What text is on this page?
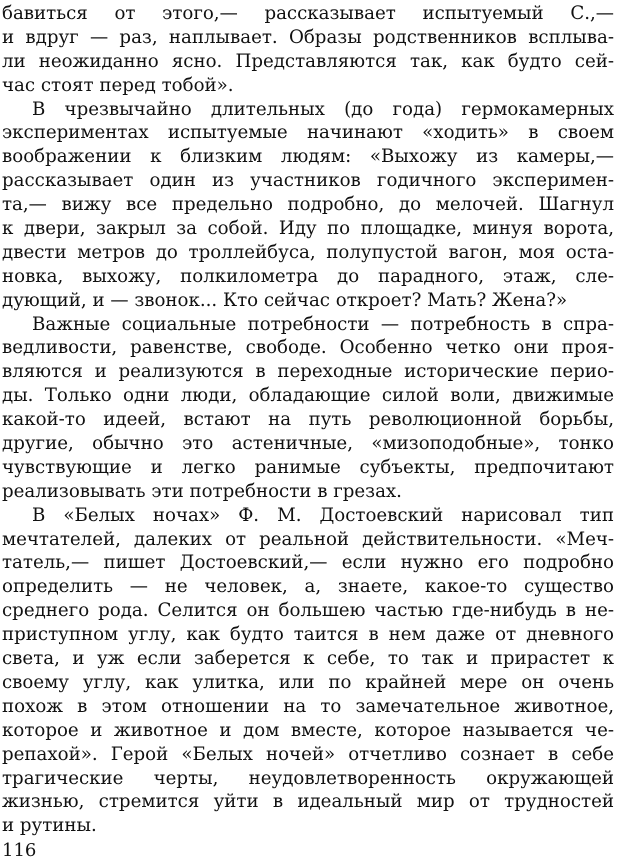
бавиться от этого,— рассказывает испытуемый С.,—
и вдруг — раз, наплывает. Образы родственников всплыва-
ли неожиданно ясно. Представляются так, как будто сей-
час стоят перед тобой».
В чрезвычайно длительных (до года) гермокамерных
экспериментах испытуемые начинают «ходить» в своем
воображении к близким людям: «Выхожу из камеры,—
рассказывает один из участников годичного эксперимен-
та,— вижу все предельно подробно, до мелочей. Шагнул
к двери, закрыл за собой. Иду по площадке, минуя ворота,
двести метров до троллейбуса, полупустой вагон, моя оста-
новка, выхожу, полкилометра до парадного, этаж, сле-
дующий, и — звонок... Кто сейчас откроет? Мать? Жена?»
Важные социальные потребности — потребность в спра-
ведливости, равенстве, свободе. Особенно четко они проя-
вляются и реализуются в переходные исторические перио-
ды. Только одни люди, обладающие силой воли, движимые
какой-то идеей, встают на путь революционной борьбы,
другие, обычно это астеничные, «мизоподобные», тонко
чувствующие и легко ранимые субъекты, предпочитают
реализовывать эти потребности в грезах.
В «Белых ночах» Ф. М. Достоевский нарисовал тип
мечтателей, далеких от реальной действительности. «Меч-
татель,— пишет Достоевский,— если нужно его подробно
определить — не человек, а, знаете, какое-то существо
среднего рода. Селится он большею частью где-нибудь в не-
приступном углу, как будто таится в нем даже от дневного
света, и уж если заберется к себе, то так и прирастет к
своему углу, как улитка, или по крайней мере он очень
похож в этом отношении на то замечательное животное,
которое и животное и дом вместе, которое называется че-
репахой». Герой «Белых ночей» отчетливо сознает в себе
трагические черты, неудовлетворенность окружающей
жизнью, стремится уйти в идеальный мир от трудностей
и рутины.
116
